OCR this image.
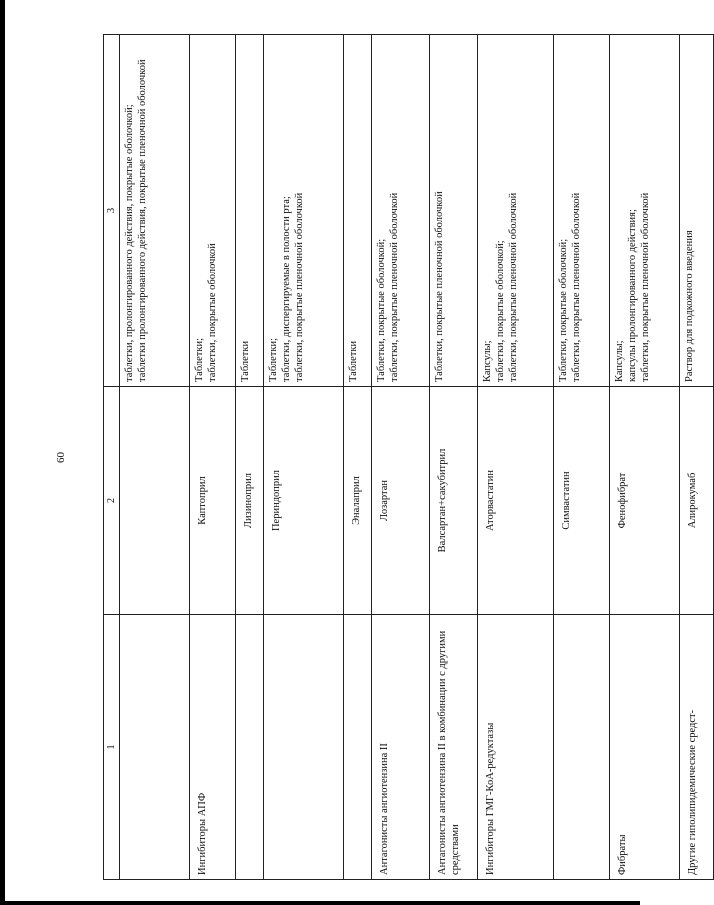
60
1	2	3

		таблетки, пролонгированного действия, покрытые оболочкой; таблетки пролонгированного действия, покрытые пленочной оболочкой

Ингибиторы АПФ	Каптоприл	Таблетки; таблетки, покрытые оболочкой

	Лизиноприл	Таблетки

	Периндоприл	Таблетки; таблетки, диспергируемые в полости рта; таблетки, покрытые пленочной оболочкой

	Эналаприл	Таблетки

Антагонисты ангиотензина II	Лозартан	Таблетки, покрытые оболочкой; таблетки, покрытые пленочной оболочкой

Антагонисты ангиотензина II в комбинации с другими средствами	Валсартан+сакубитрил	Таблетки, покрытые пленочной оболочкой

Ингибиторы ГМГ-КоА-редуктазы	Аторвастатин	Капсулы; таблетки, покрытые оболочкой; таблетки, покрытые пленочной оболочкой

	Симвастатин	Таблетки, покрытые оболочкой; таблетки, покрытые пленочной оболочкой

Фибраты	Фенофибрат	Капсулы; капсулы пролонгированного действия; таблетки, покрытые пленочной оболочкой

Другие гиполипидемические средст-	Алирокумаб	Раствор для подкожного введения
